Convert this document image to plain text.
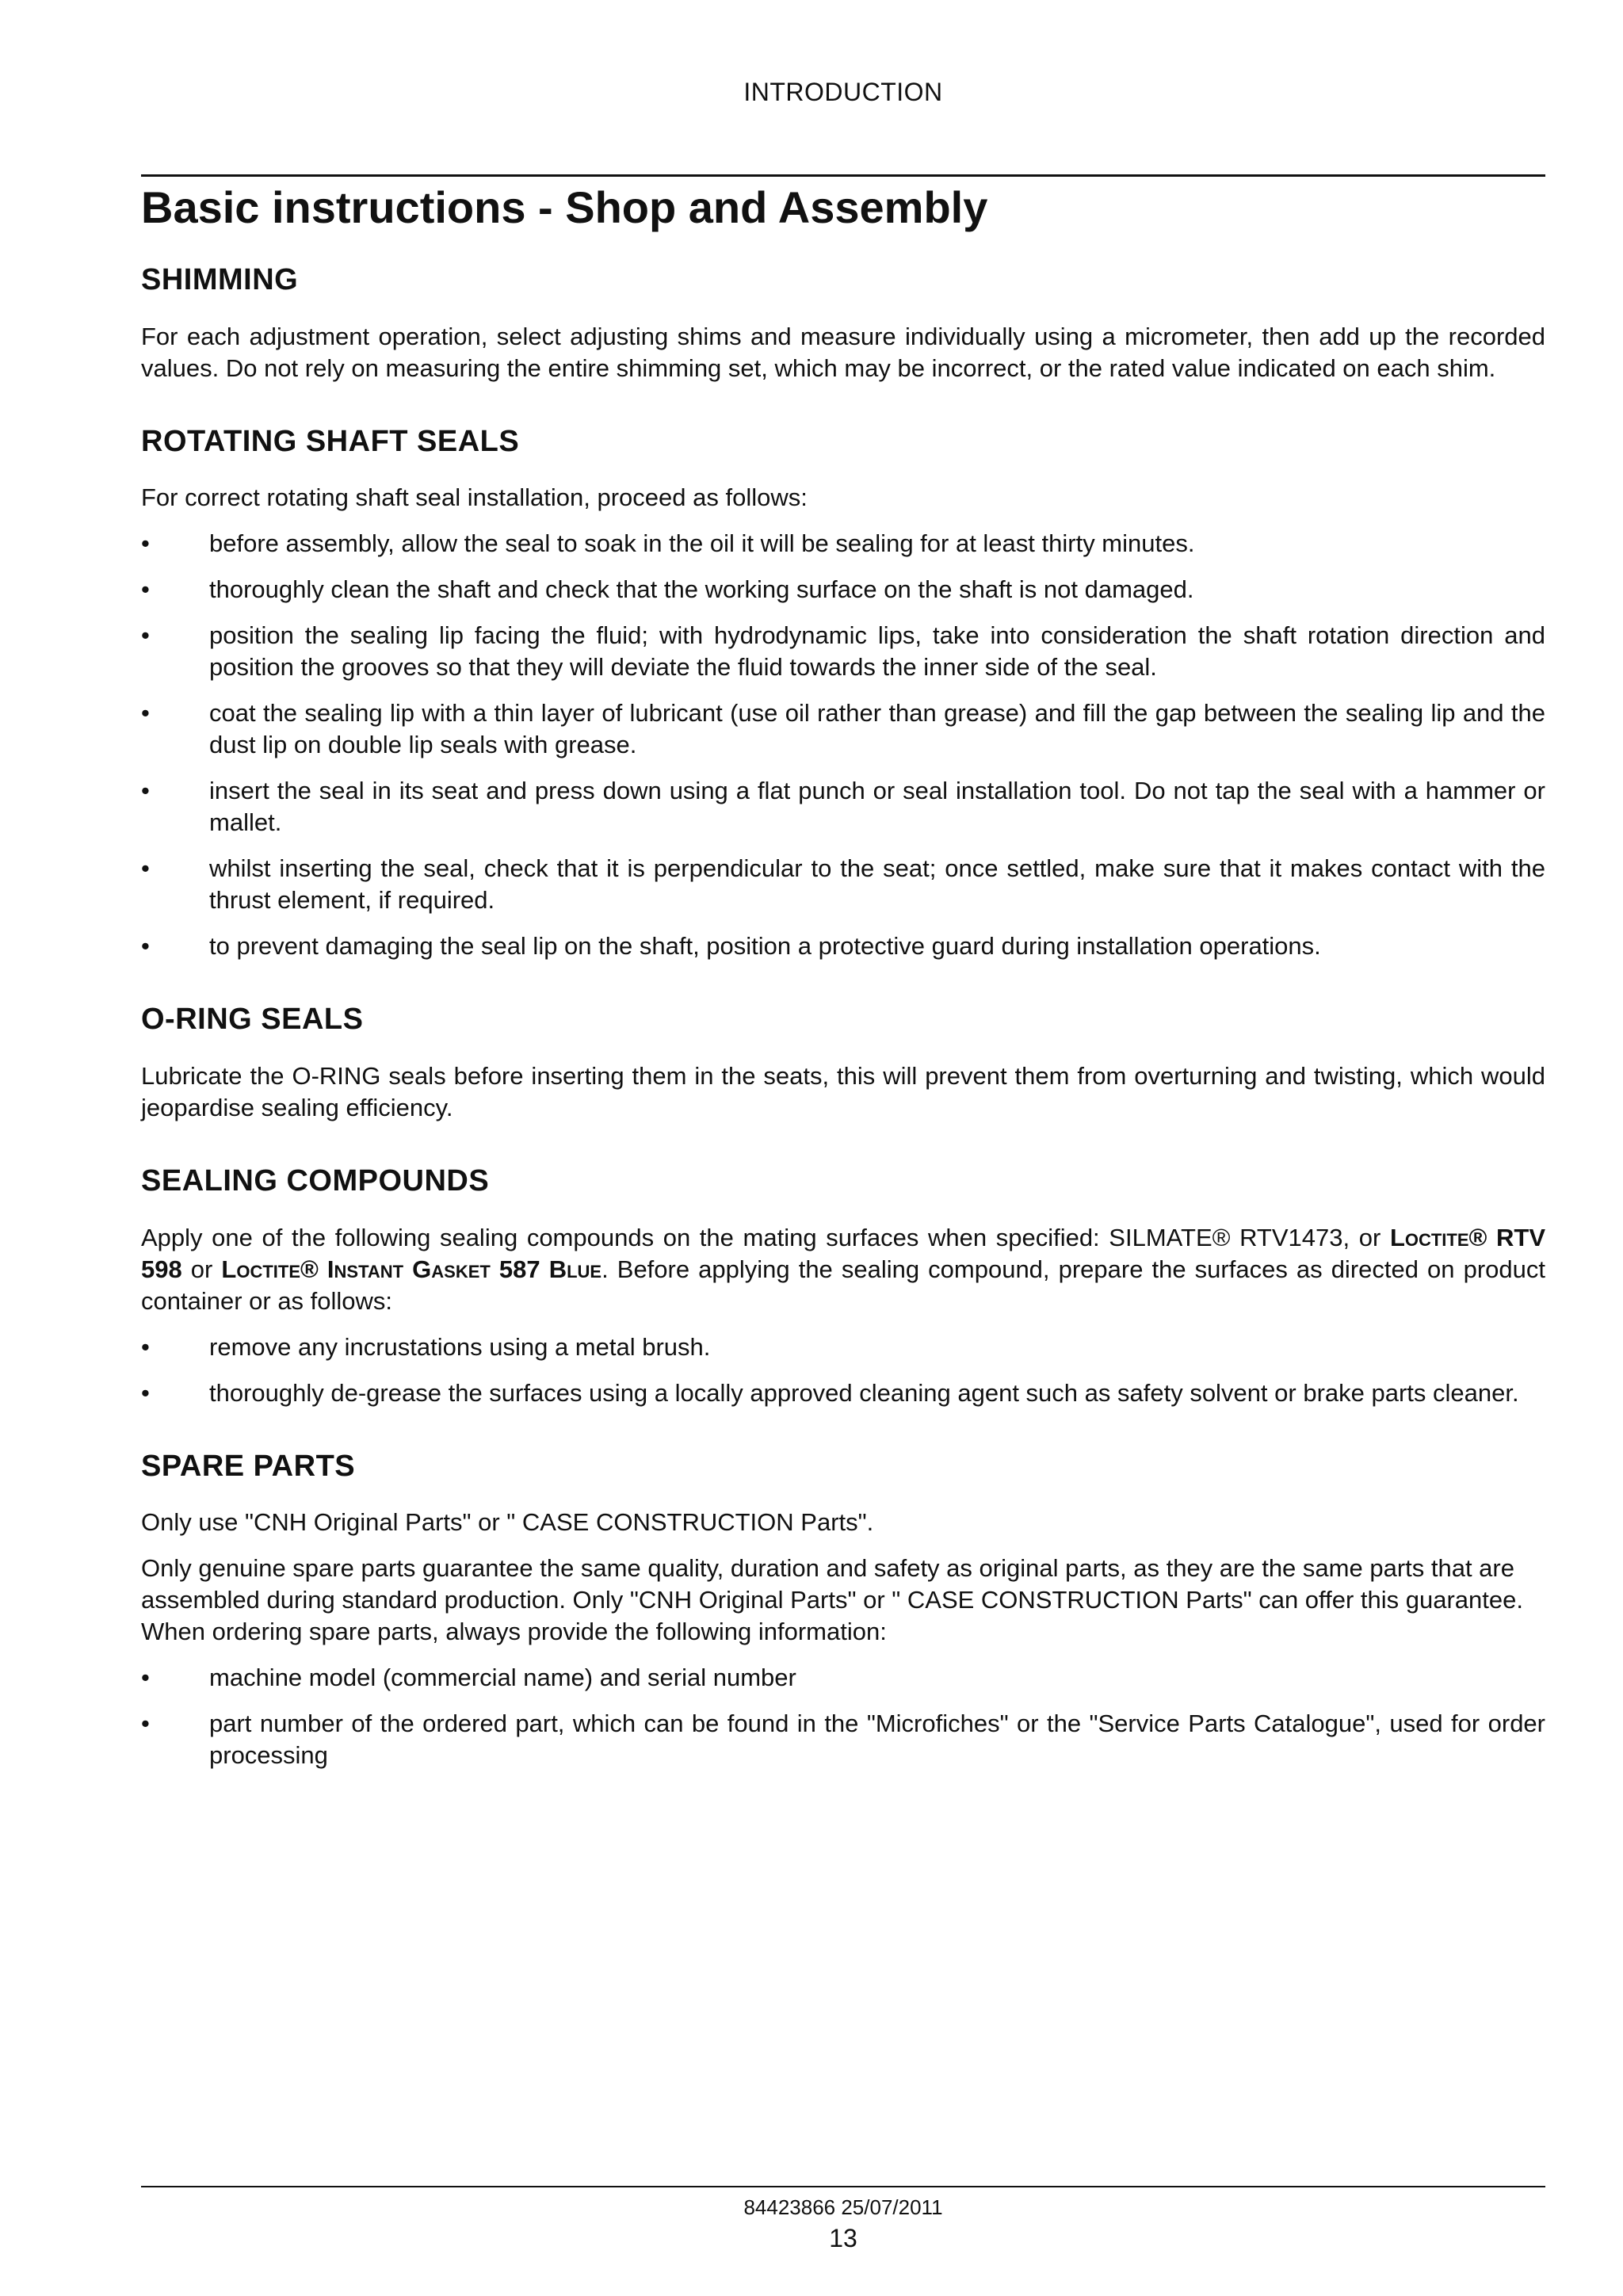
INTRODUCTION
Basic instructions - Shop and Assembly
SHIMMING

For each adjustment operation, select adjusting shims and measure individually using a micrometer, then add up the recorded values. Do not rely on measuring the entire shimming set, which may be incorrect, or the rated value indicated on each shim.

ROTATING SHAFT SEALS

For correct rotating shaft seal installation, proceed as follows:

• before assembly, allow the seal to soak in the oil it will be sealing for at least thirty minutes.
• thoroughly clean the shaft and check that the working surface on the shaft is not damaged.
• position the sealing lip facing the fluid; with hydrodynamic lips, take into consideration the shaft rotation direction and position the grooves so that they will deviate the fluid towards the inner side of the seal.
• coat the sealing lip with a thin layer of lubricant (use oil rather than grease) and fill the gap between the sealing lip and the dust lip on double lip seals with grease.
• insert the seal in its seat and press down using a flat punch or seal installation tool. Do not tap the seal with a hammer or mallet.
• whilst inserting the seal, check that it is perpendicular to the seat; once settled, make sure that it makes contact with the thrust element, if required.
• to prevent damaging the seal lip on the shaft, position a protective guard during installation operations.
O-RING SEALS

Lubricate the O-RING seals before inserting them in the seats, this will prevent them from overturning and twisting, which would jeopardise sealing efficiency.

SEALING COMPOUNDS

Apply one of the following sealing compounds on the mating surfaces when specified: SILMATE® RTV1473, or Loctite® RTV 598 or Loctite® Instant Gasket 587 Blue. Before applying the sealing compound, prepare the surfaces as directed on product container or as follows:

• remove any incrustations using a metal brush.
• thoroughly de-grease the surfaces using a locally approved cleaning agent such as safety solvent or brake parts cleaner.
SPARE PARTS

Only use "CNH Original Parts" or " CASE CONSTRUCTION Parts".

Only genuine spare parts guarantee the same quality, duration and safety as original parts, as they are the same parts that are assembled during standard production. Only "CNH Original Parts" or " CASE CONSTRUCTION Parts" can offer this guarantee.

When ordering spare parts, always provide the following information:

• machine model (commercial name) and serial number
• part number of the ordered part, which can be found in the "Microfiches" or the "Service Parts Catalogue", used for order processing
84423866 25/07/2011
13
